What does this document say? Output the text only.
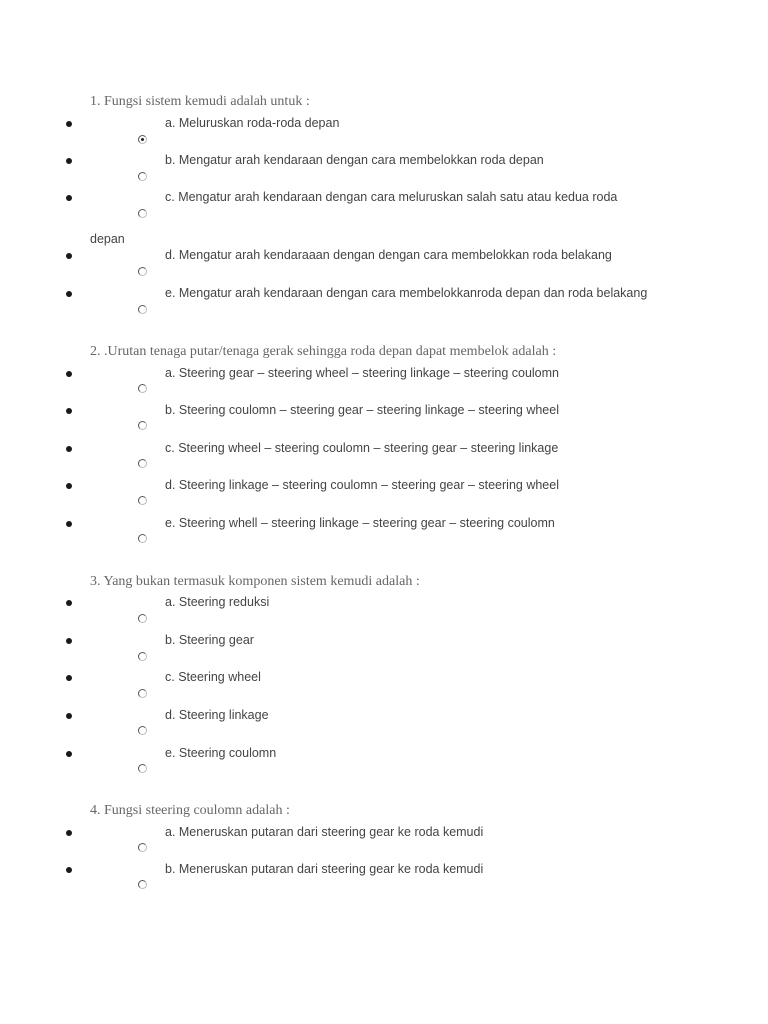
1. Fungsi sistem kemudi adalah untuk :
a. Meluruskan roda-roda depan
b. Mengatur arah kendaraan dengan cara membelokkan roda depan
c. Mengatur arah kendaraan dengan cara meluruskan salah satu atau kedua roda
depan
d. Mengatur arah kendaraaan dengan dengan cara membelokkan roda belakang
e. Mengatur arah kendaraan dengan cara membelokkanroda depan dan roda belakang
2. .Urutan tenaga putar/tenaga gerak sehingga roda depan dapat membelok adalah :
a. Steering gear – steering wheel – steering linkage – steering coulomn
b. Steering coulomn – steering gear – steering linkage – steering wheel
c. Steering wheel – steering coulomn – steering gear – steering linkage
d. Steering linkage – steering coulomn – steering gear – steering wheel
e. Steering whell – steering linkage – steering gear – steering coulomn
3. Yang bukan termasuk komponen sistem kemudi adalah :
a. Steering reduksi
b. Steering gear
c. Steering wheel
d. Steering linkage
e. Steering coulomn
4. Fungsi steering coulomn adalah :
a. Meneruskan putaran dari steering gear ke roda kemudi
b. Meneruskan putaran dari steering gear ke roda kemudi
